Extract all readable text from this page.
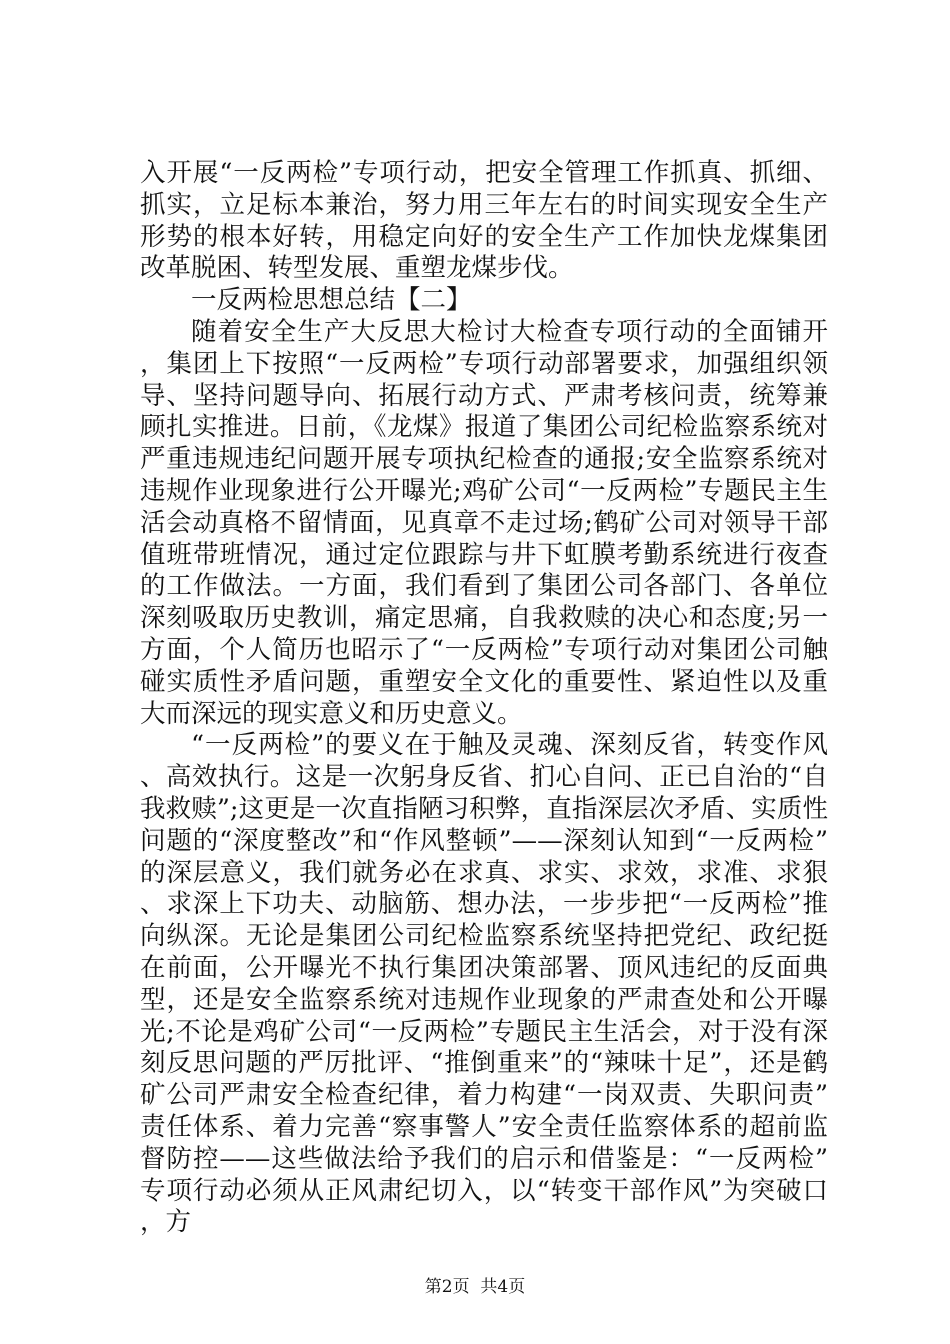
入开展“一反两检”专项行动，把安全管理工作抓真、抓细、抓实，立足标本兼治，努力用三年左右的时间实现安全生产形势的根本好转，用稳定向好的安全生产工作加快龙煤集团改革脱困、转型发展、重塑龙煤步伐。

一反两检思想总结【二】

随着安全生产大反思大检讨大检查专项行动的全面铺开，集团上下按照“一反两检”专项行动部署要求，加强组织领导、坚持问题导向、拓展行动方式、严肃考核问责，统筹兼顾扎实推进。日前，《龙煤》报道了集团公司纪检监察系统对严重违规违纪问题开展专项执纪检查的通报;安全监察系统对违规作业现象进行公开曝光;鸡矿公司“一反两检”专题民主生活会动真格不留情面，见真章不走过场;鹤矿公司对领导干部值班带班情况，通过定位跟踪与井下虹膜考勤系统进行夜查的工作做法。一方面，我们看到了集团公司各部门、各单位深刻吸取历史教训，痛定思痛，自我救赎的决心和态度;另一方面，个人简历也昭示了“一反两检”专项行动对集团公司触碰实质性矛盾问题，重塑安全文化的重要性、紧迫性以及重大而深远的现实意义和历史意义。

“一反两检”的要义在于触及灵魂、深刻反省，转变作风、高效执行。这是一次躬身反省、扪心自问、正已自治的“自我救赎”;这更是一次直指陋习积弊，直指深层次矛盾、实质性问题的“深度整改”和“作风整顿”——深刻认知到“一反两检”的深层意义，我们就务必在求真、求实、求效，求准、求狠、求深上下功夫、动脑筋、想办法，一步步把“一反两检”推向纵深。无论是集团公司纪检监察系统坚持把党纪、政纪挺在前面，公开曝光不执行集团决策部署、顶风违纪的反面典型，还是安全监察系统对违规作业现象的严肃查处和公开曝光;不论是鸡矿公司“一反两检”专题民主生活会，对于没有深刻反思问题的严厉批评、“推倒重来”的“辣味十足”，还是鹤矿公司严肃安全检查纪律，着力构建“一岗双责、失职问责”责任体系、着力完善“察事警人”安全责任监察体系的超前监督防控——这些做法给予我们的启示和借鉴是：“一反两检”专项行动必须从正风肃纪切入，以“转变干部作风”为突破口，方

第2页  共4页
